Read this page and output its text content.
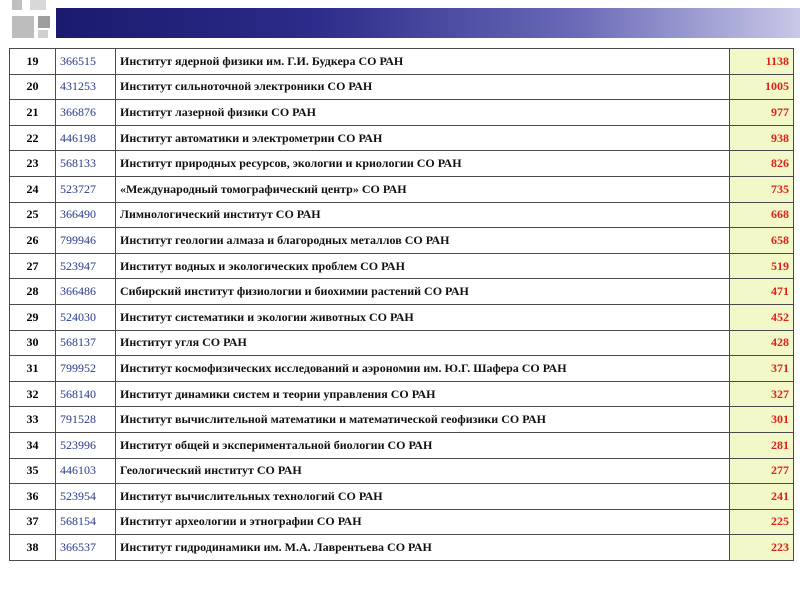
19	366515	Институт ядерной физики им. Г.И. Будкера СО РАН	1138
20	431253	Институт сильноточной электроники СО РАН	1005
21	366876	Институт лазерной физики СО РАН	977
22	446198	Институт автоматики и электрометрии СО РАН	938
23	568133	Институт природных ресурсов, экологии и криологии СО РАН	826
24	523727	«Международный томографический центр» СО РАН	735
25	366490	Лимнологический институт СО РАН	668
26	799946	Институт геологии алмаза и благородных металлов СО РАН	658
27	523947	Институт водных и экологических проблем СО РАН	519
28	366486	Сибирский институт физиологии и биохимии растений СО РАН	471
29	524030	Институт систематики и экологии животных СО РАН	452
30	568137	Институт угля СО РАН	428
31	799952	Институт космофизических исследований и аэрономии им. Ю.Г. Шафера СО РАН	371
32	568140	Институт динамики систем и теории управления СО РАН	327
33	791528	Институт вычислительной математики и математической геофизики СО РАН	301
34	523996	Институт общей и экспериментальной биологии СО РАН	281
35	446103	Геологический институт СО РАН	277
36	523954	Институт вычислительных технологий СО РАН	241
37	568154	Институт археологии и этнографии СО РАН	225
38	366537	Институт гидродинамики им. М.А. Лаврентьева СО РАН	223
